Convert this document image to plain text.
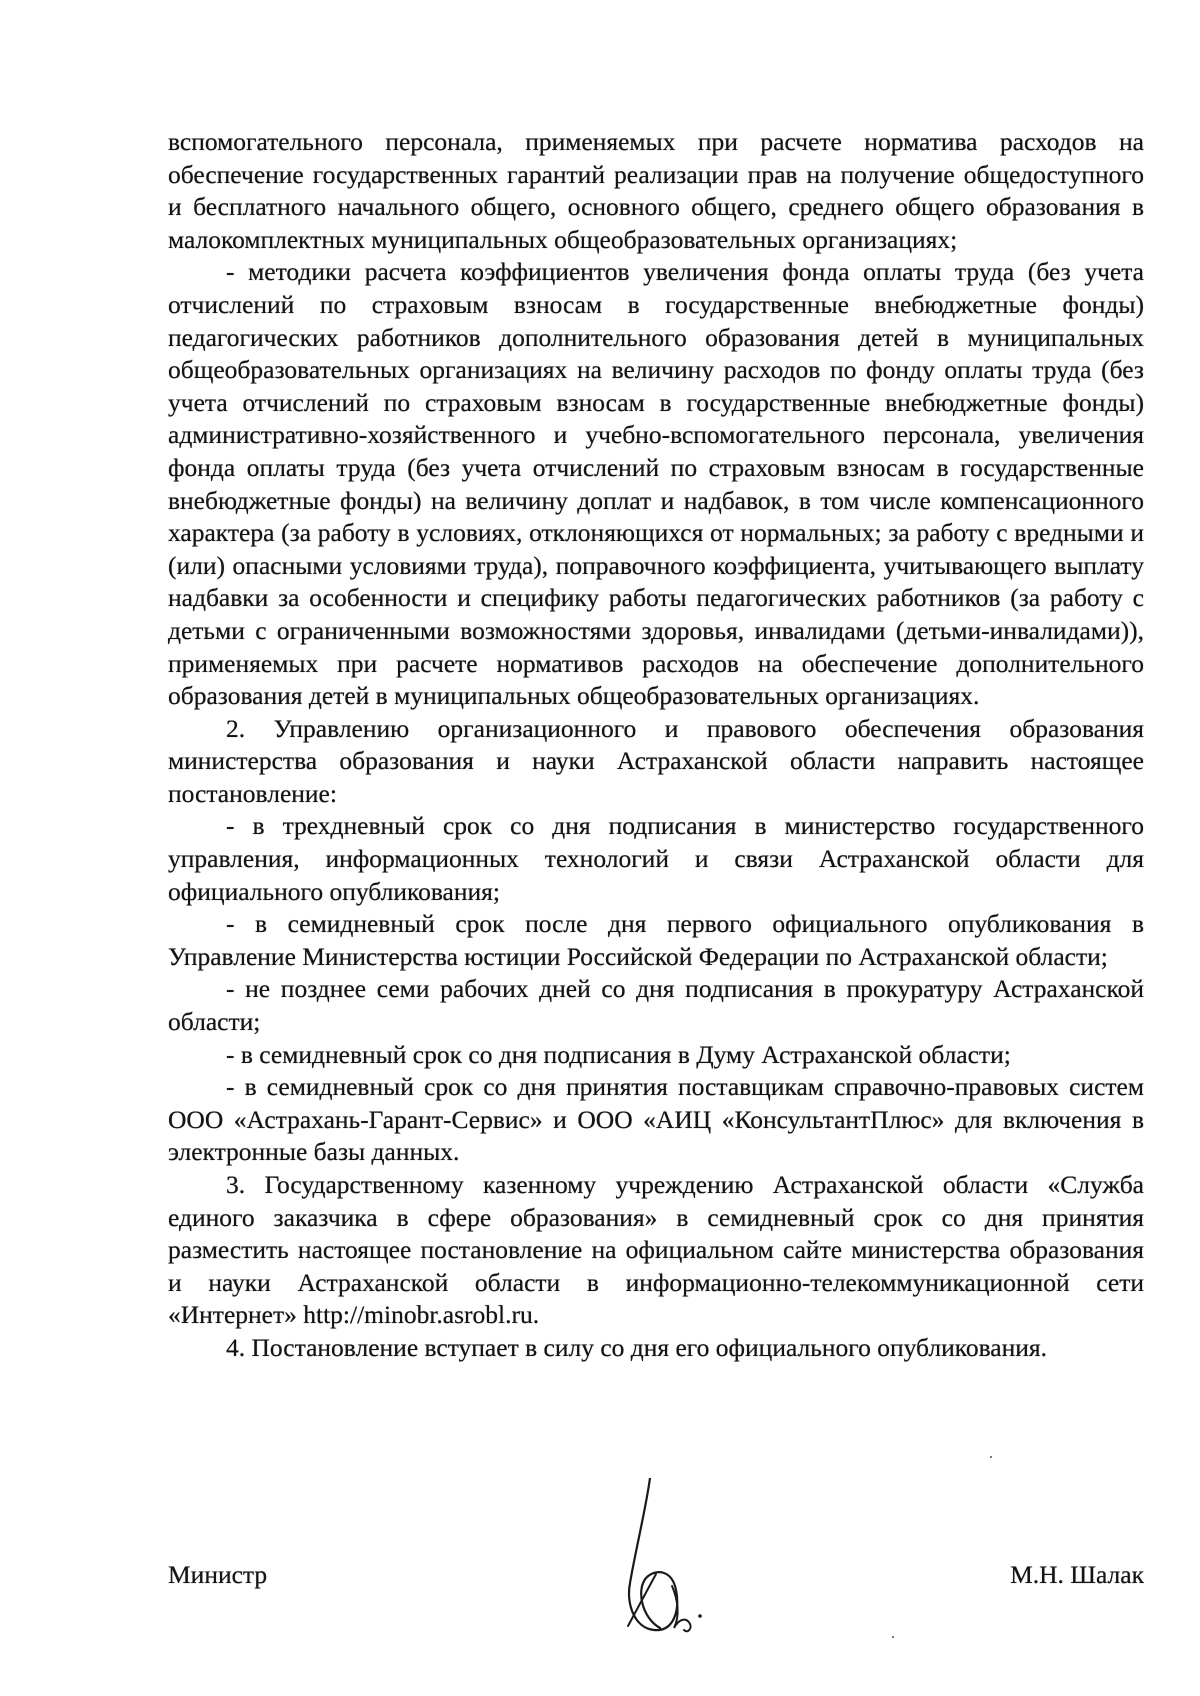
вспомогательного персонала, применяемых при расчете норматива расходов на обеспечение государственных гарантий реализации прав на получение общедоступного и бесплатного начального общего, основного общего, среднего общего образования в малокомплектных муниципальных общеобразовательных организациях;

- методики расчета коэффициентов увеличения фонда оплаты труда (без учета отчислений по страховым взносам в государственные внебюджетные фонды) педагогических работников дополнительного образования детей в муниципальных общеобразовательных организациях на величину расходов по фонду оплаты труда (без учета отчислений по страховым взносам в государственные внебюджетные фонды) административно-хозяйственного и учебно-вспомогательного персонала, увеличения фонда оплаты труда (без учета отчислений по страховым взносам в государственные внебюджетные фонды) на величину доплат и надбавок, в том числе компенсационного характера (за работу в условиях, отклоняющихся от нормальных; за работу с вредными и (или) опасными условиями труда), поправочного коэффициента, учитывающего выплату надбавки за особенности и специфику работы педагогических работников (за работу с детьми с ограниченными возможностями здоровья, инвалидами (детьми-инвалидами)), применяемых при расчете нормативов расходов на обеспечение дополнительного образования детей в муниципальных общеобразовательных организациях.

2. Управлению организационного и правового обеспечения образования министерства образования и науки Астраханской области направить настоящее постановление:

- в трехдневный срок со дня подписания в министерство государственного управления, информационных технологий и связи Астраханской области для официального опубликования;

- в семидневный срок после дня первого официального опубликования в Управление Министерства юстиции Российской Федерации по Астраханской области;

- не позднее семи рабочих дней со дня подписания в прокуратуру Астраханской области;

- в семидневный срок со дня подписания в Думу Астраханской области;

- в семидневный срок со дня принятия поставщикам справочно-правовых систем ООО «Астрахань-Гарант-Сервис» и ООО «АИЦ «КонсультантПлюс» для включения в электронные базы данных.

3. Государственному казенному учреждению Астраханской области «Служба единого заказчика в сфере образования» в семидневный срок со дня принятия разместить настоящее постановление на официальном сайте министерства образования и науки Астраханской области в информационно-телекоммуникационной сети «Интернет» http://minobr.asrobl.ru.

4. Постановление вступает в силу со дня его официального опубликования.

Министр	М.Н. Шалак
